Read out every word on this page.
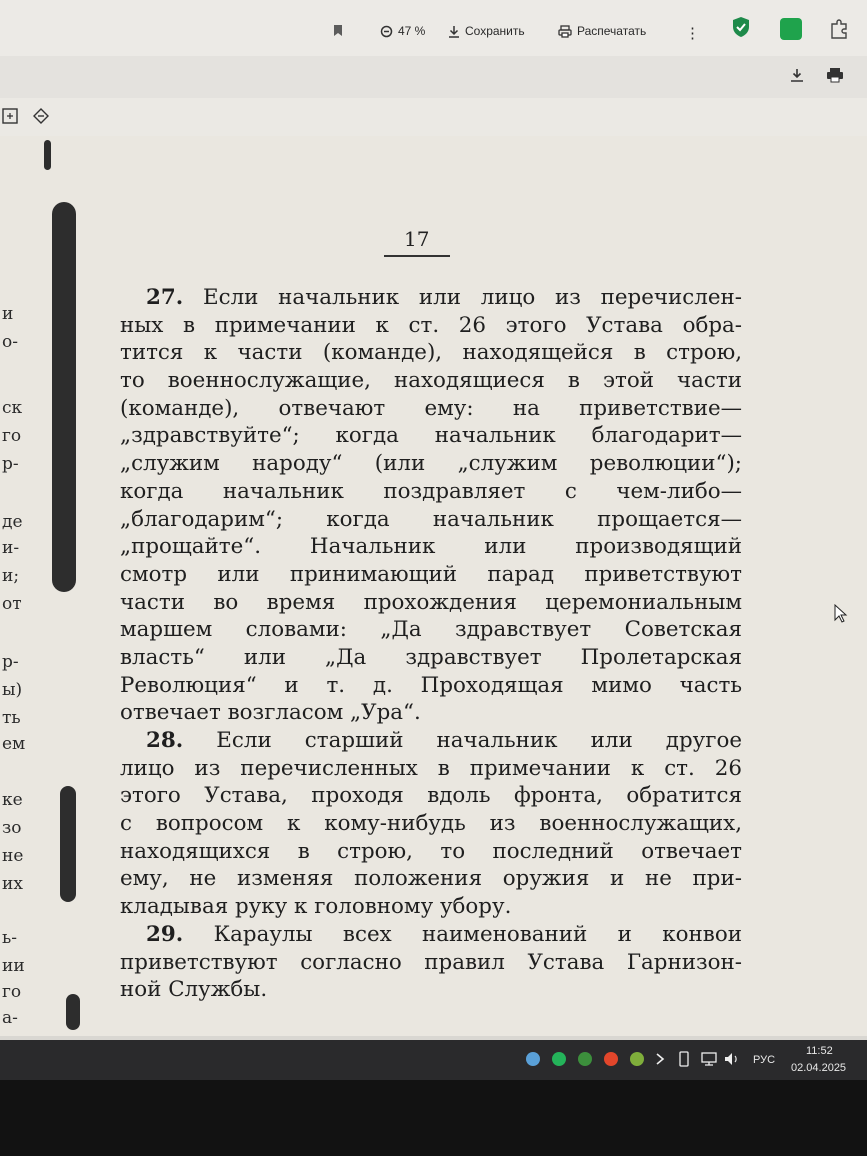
47 %	Сохранить	Распечатать	⋮
и
о-
ск
го
р-
де
и-
и;
от
р-
ы)
ть
ем
ке
зо
не
их
ь-
ии
го
а-
17
27. Если начальник или лицо из перечислен-
ных в примечании к ст. 26 этого Устава обра-
тится к части (команде), находящейся в строю,
то военнослужащие, находящиеся в этой части
(команде), отвечают ему: на приветствие—
„здравствуйте“; когда начальник благодарит—
„служим народу“ (или „служим революции“);
когда начальник поздравляет с чем-либо—
„благодарим“; когда начальник прощается—
„прощайте“. Начальник или производящий
смотр или принимающий парад приветствуют
части во время прохождения церемониальным
маршем словами: „Да здравствует Советская
власть“ или „Да здравствует Пролетарская
Революция“ и т. д. Проходящая мимо часть
отвечает возгласом „Ура“.
28. Если старший начальник или другое
лицо из перечисленных в примечании к ст. 26
этого Устава, проходя вдоль фронта, обратится
с вопросом к кому-нибудь из военнослужащих,
находящихся в строю, то последний отвечает
ему, не изменяя положения оружия и не при-
кладывая руку к головному убору.
29. Караулы всех наименований и конвои
приветствуют согласно правил Устава Гарнизон-
ной Службы.
РУС
11:52
02.04.2025
